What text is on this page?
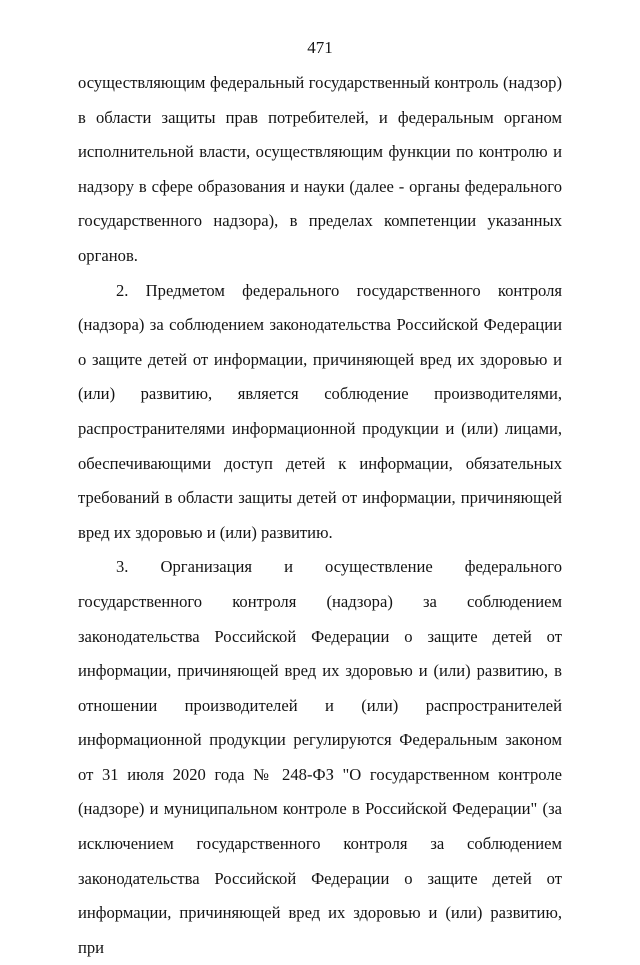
471

осуществляющим федеральный государственный контроль (надзор) в области защиты прав потребителей, и федеральным органом исполнительной власти, осуществляющим функции по контролю и надзору в сфере образования и науки (далее - органы федерального государственного надзора), в пределах компетенции указанных органов.

2. Предметом федерального государственного контроля (надзора) за соблюдением законодательства Российской Федерации о защите детей от информации, причиняющей вред их здоровью и (или) развитию, является соблюдение производителями, распространителями информационной продукции и (или) лицами, обеспечивающими доступ детей к информации, обязательных требований в области защиты детей от информации, причиняющей вред их здоровью и (или) развитию.

3. Организация и осуществление федерального государственного контроля (надзора) за соблюдением законодательства Российской Федерации о защите детей от информации, причиняющей вред их здоровью и (или) развитию, в отношении производителей и (или) распространителей информационной продукции регулируются Федеральным законом от 31 июля 2020 года № 248-ФЗ "О государственном контроле (надзоре) и муниципальном контроле в Российской Федерации" (за исключением государственного контроля за соблюдением законодательства Российской Федерации о защите детей от информации, причиняющей вред их здоровью и (или) развитию, при
